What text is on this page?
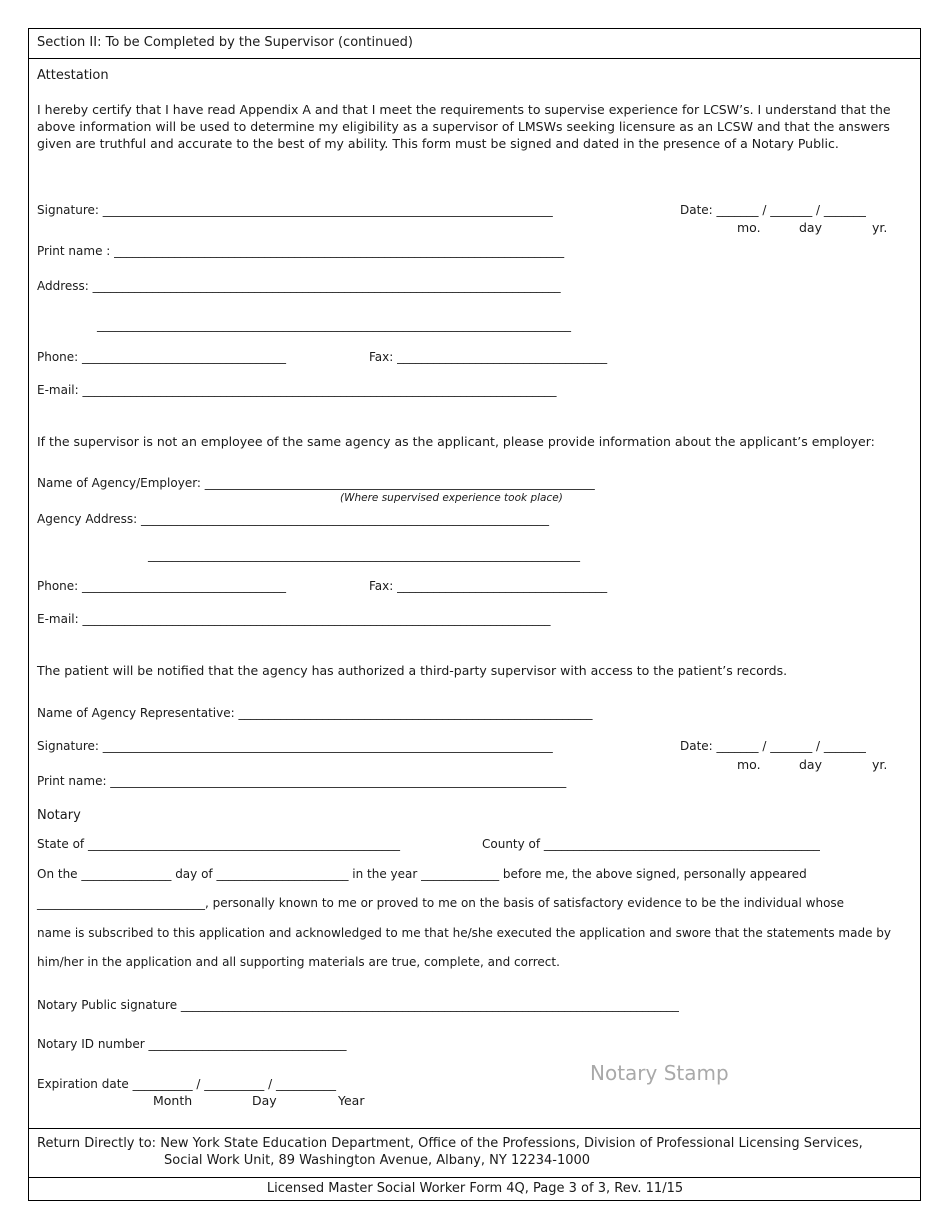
Section II: To be Completed by the Supervisor (continued)
Attestation
I hereby certify that I have read Appendix A and that I meet the requirements to supervise experience for LCSW’s. I understand that the above information will be used to determine my eligibility as a supervisor of LMSWs seeking licensure as an LCSW and that the answers given are truthful and accurate to the best of my ability. This form must be signed and dated in the presence of a Notary Public.
Signature: ___________________________________________________________________________	Date: _______ / _______ / _______
mo.	day	yr.
Print name : ___________________________________________________________________________
Address: ______________________________________________________________________________
_______________________________________________________________________________
Phone: __________________________________	Fax: ___________________________________
E-mail: _______________________________________________________________________________
If the supervisor is not an employee of the same agency as the applicant, please provide information about the applicant’s employer:
Name of Agency/Employer: _________________________________________________________________
(Where supervised experience took place)
Agency Address: ____________________________________________________________________
________________________________________________________________________
Phone: __________________________________	Fax: ___________________________________
E-mail: ______________________________________________________________________________
The patient will be notified that the agency has authorized a third-party supervisor with access to the patient’s records.
Name of Agency Representative: ___________________________________________________________
Signature: ___________________________________________________________________________	Date: _______ / _______ / _______
mo.	day	yr.
Print name: ____________________________________________________________________________
Notary
State of ____________________________________________________	County of ______________________________________________
On the _______________ day of ______________________ in the year _____________ before me, the above signed, personally appeared
____________________________, personally known to me or proved to me on the basis of satisfactory evidence to be the individual whose
name is subscribed to this application and acknowledged to me that he/she executed the application and swore that the statements made by
him/her in the application and all supporting materials are true, complete, and correct.
Notary Public signature ___________________________________________________________________________________
Notary ID number _________________________________
Expiration date __________ / __________ / __________
Month	Day	Year
Notary Stamp
Return Directly to: New York State Education Department, Office of the Professions, Division of Professional Licensing Services,
Social Work Unit, 89 Washington Avenue, Albany, NY 12234-1000
Licensed Master Social Worker Form 4Q, Page 3 of 3, Rev. 11/15
